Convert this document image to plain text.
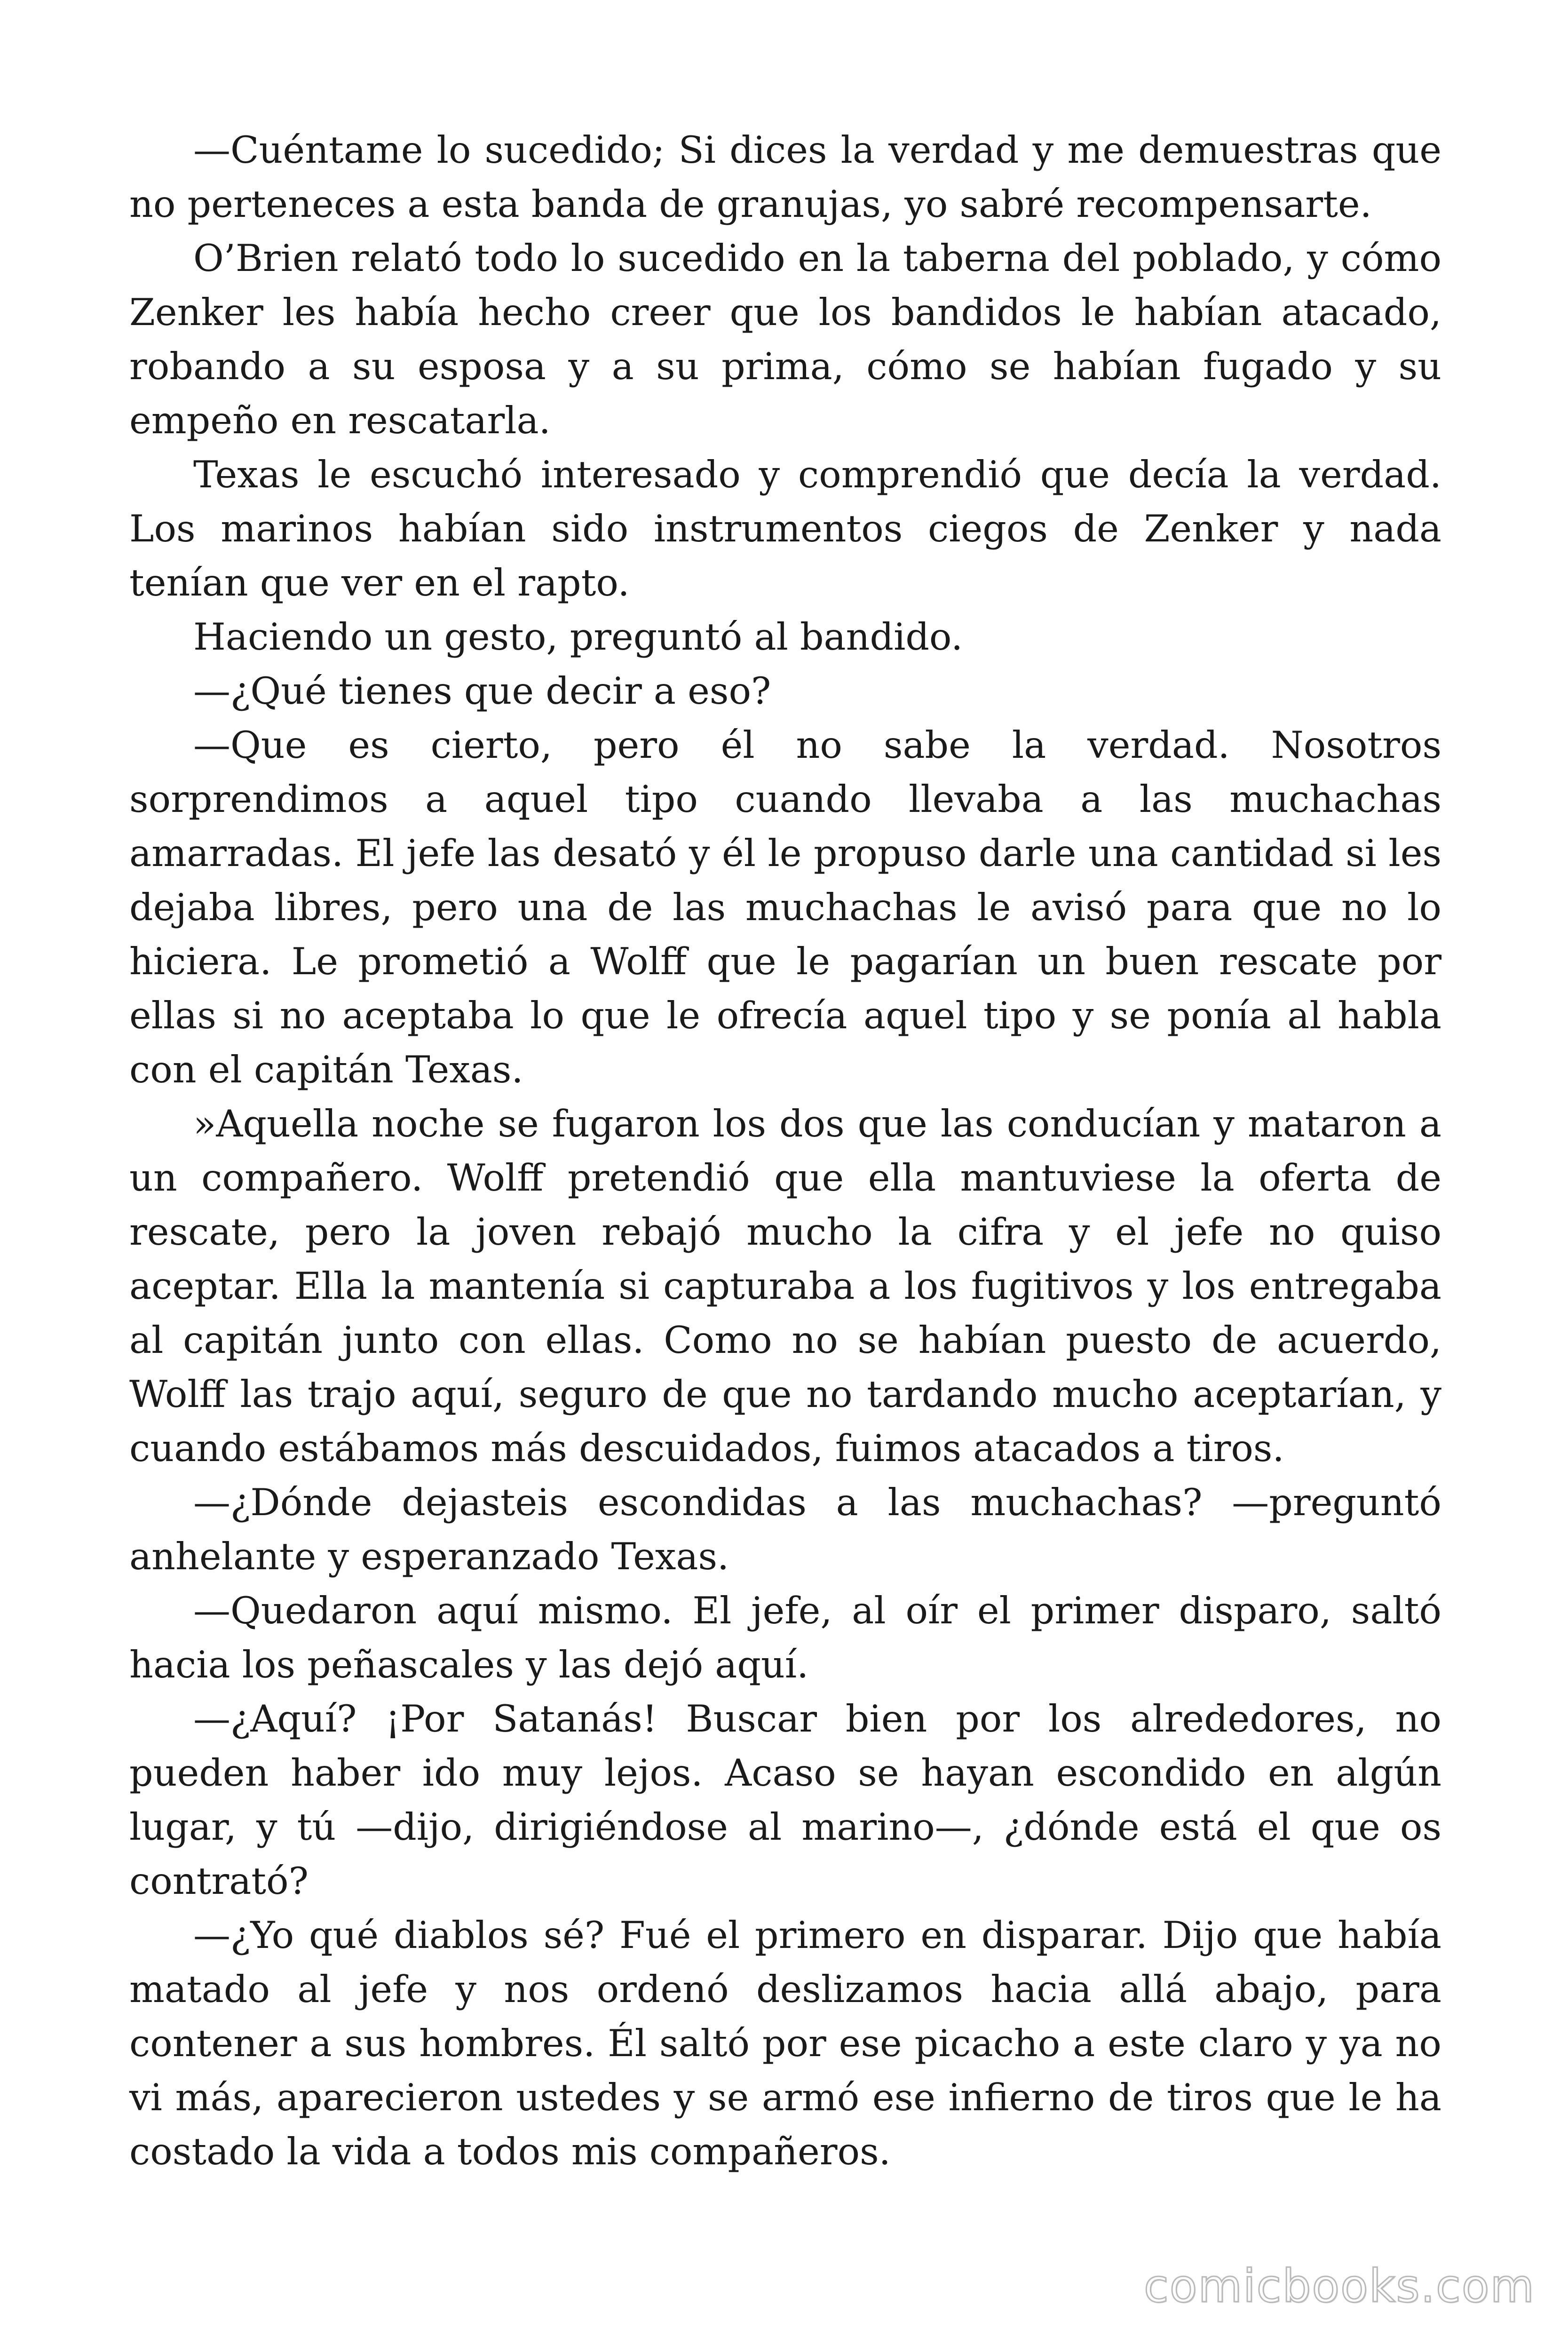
—Cuéntame lo sucedido; Si dices la verdad y me demuestras que no perteneces a esta banda de granujas, yo sabré recompensarte.

O’Brien relató todo lo sucedido en la taberna del poblado, y cómo Zenker les había hecho creer que los bandidos le habían atacado, robando a su esposa y a su prima, cómo se habían fugado y su empeño en rescatarla.

Texas le escuchó interesado y comprendió que decía la verdad. Los marinos habían sido instrumentos ciegos de Zenker y nada tenían que ver en el rapto.

Haciendo un gesto, preguntó al bandido.

—¿Qué tienes que decir a eso?

—Que es cierto, pero él no sabe la verdad. Nosotros sorprendimos a aquel tipo cuando llevaba a las muchachas amarradas. El jefe las desató y él le propuso darle una cantidad si les dejaba libres, pero una de las muchachas le avisó para que no lo hiciera. Le prometió a Wolff que le pagarían un buen rescate por ellas si no aceptaba lo que le ofrecía aquel tipo y se ponía al habla con el capitán Texas.

»Aquella noche se fugaron los dos que las conducían y mataron a un compañero. Wolff pretendió que ella mantuviese la oferta de rescate, pero la joven rebajó mucho la cifra y el jefe no quiso aceptar. Ella la mantenía si capturaba a los fugitivos y los entregaba al capitán junto con ellas. Como no se habían puesto de acuerdo, Wolff las trajo aquí, seguro de que no tardando mucho aceptarían, y cuando estábamos más descuidados, fuimos atacados a tiros.

—¿Dónde dejasteis escondidas a las muchachas? —preguntó anhelante y esperanzado Texas.

—Quedaron aquí mismo. El jefe, al oír el primer disparo, saltó hacia los peñascales y las dejó aquí.

—¿Aquí? ¡Por Satanás! Buscar bien por los alrededores, no pueden haber ido muy lejos. Acaso se hayan escondido en algún lugar, y tú —dijo, dirigiéndose al marino—, ¿dónde está el que os contrató?

—¿Yo qué diablos sé? Fué el primero en disparar. Dijo que había matado al jefe y nos ordenó deslizamos hacia allá abajo, para contener a sus hombres. Él saltó por ese picacho a este claro y ya no vi más, aparecieron ustedes y se armó ese infierno de tiros que le ha costado la vida a todos mis compañeros.

comicbooks.com
